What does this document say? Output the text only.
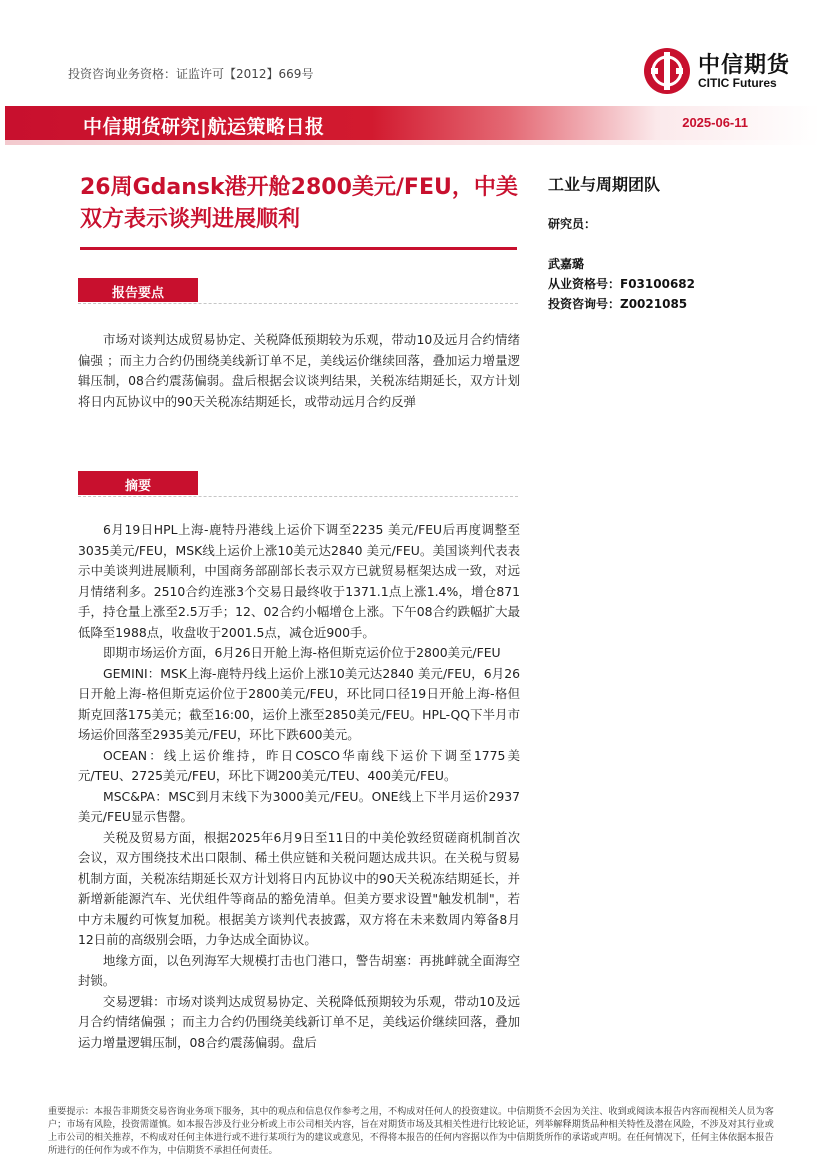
投资咨询业务资格：证监许可【2012】669号	中信期货
CITIC Futures
中信期货研究|航运策略日报	2025-06-11
26周Gdansk港开舱2800美元/FEU，中美双方表示谈判进展顺利
工业与周期团队
研究员：
武嘉璐
从业资格号：F03100682
投资咨询号：Z0021085
报告要点

市场对谈判达成贸易协定、关税降低预期较为乐观，带动10及远月合约情绪偏强 ；而主力合约仍围绕美线新订单不足，美线运价继续回落，叠加运力增量逻辑压制，08合约震荡偏弱。盘后根据会议谈判结果，关税冻结期延长，双方计划将日内瓦协议中的90天关税冻结期延长，或带动远月合约反弹

摘要

6月19日HPL上海-鹿特丹港线上运价下调至2235 美元/FEU后再度调整至3035美元/FEU，MSK线上运价上涨10美元达2840 美元/FEU。美国谈判代表表示中美谈判进展顺利，中国商务部副部长表示双方已就贸易框架达成一致，对远月情绪利多。2510合约连涨3个交易日最终收于1371.1点上涨1.4%，增仓871手，持仓量上涨至2.5万手；12、02合约小幅增仓上涨。下午08合约跌幅扩大最低降至1988点，收盘收于2001.5点，减仓近900手。

即期市场运价方面，6月26日开舱上海-格但斯克运价位于2800美元/FEU

GEMINI：MSK上海-鹿特丹线上运价上涨10美元达2840 美元/FEU，6月26日开舱上海-格但斯克运价位于2800美元/FEU，环比同口径19日开舱上海-格但斯克回落175美元；截至16:00，运价上涨至2850美元/FEU。HPL-QQ下半月市场运价回落至2935美元/FEU，环比下跌600美元。

OCEAN：线上运价维持，昨日COSCO华南线下运价下调至1775美元/TEU、2725美元/FEU，环比下调200美元/TEU、400美元/FEU。

MSC&PA：MSC到月末线下为3000美元/FEU。ONE线上下半月运价2937美元/FEU显示售罄。

关税及贸易方面，根据2025年6月9日至11日的中美伦敦经贸磋商机制首次会议，双方围绕技术出口限制、稀土供应链和关税问题达成共识。在关税与贸易机制方面，关税冻结期延长双方计划将日内瓦协议中的90天关税冻结期延长，并新增新能源汽车、光伏组件等商品的豁免清单。但美方要求设置"触发机制"，若中方未履约可恢复加税。根据美方谈判代表披露，双方将在未来数周内筹备8月12日前的高级别会晤，力争达成全面协议。

地缘方面，以色列海军大规模打击也门港口，警告胡塞：再挑衅就全面海空封锁。

交易逻辑：市场对谈判达成贸易协定、关税降低预期较为乐观，带动10及远月合约情绪偏强 ；而主力合约仍围绕美线新订单不足，美线运价继续回落，叠加运力增量逻辑压制，08合约震荡偏弱。盘后

重要提示：本报告非期货交易咨询业务项下服务，其中的观点和信息仅作参考之用，不构成对任何人的投资建议。中信期货不会因为关注、收到或阅读本报告内容而视相关人员为客户；市场有风险，投资需谨慎。如本报告涉及行业分析或上市公司相关内容，旨在对期货市场及其相关性进行比较论证，列举解释期货品种相关特性及潜在风险，不涉及对其行业或上市公司的相关推荐，不构成对任何主体进行或不进行某项行为的建议或意见，不得将本报告的任何内容据以作为中信期货所作的承诺或声明。在任何情况下，任何主体依据本报告所进行的任何作为或不作为，中信期货不承担任何责任。
